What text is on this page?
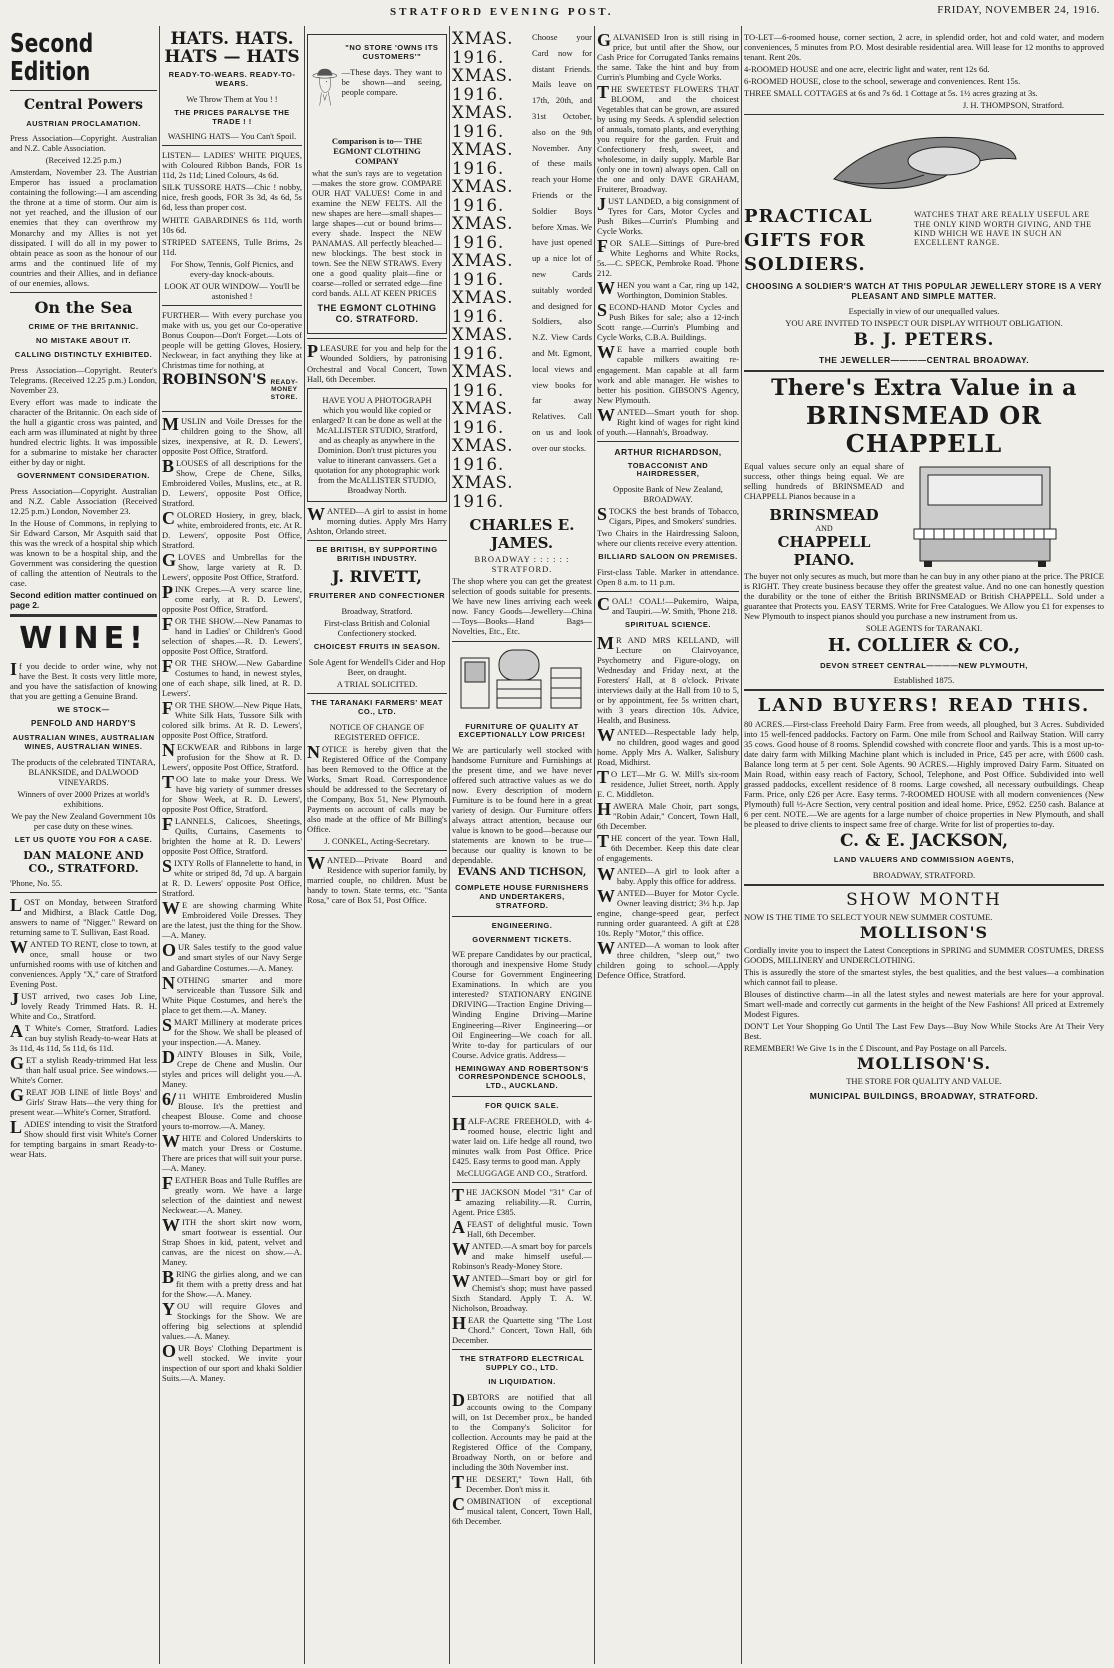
STRATFORD EVENING POST.	FRIDAY, NOVEMBER 24, 1916.
Second Edition
Central Powers
AUSTRIAN PROCLAMATION.

Press Association—Copyright. Australian and N.Z. Cable Association.

(Received 12.25 p.m.)

Amsterdam, November 23. The Austrian Emperor has issued a proclamation containing the following:—I am ascending the throne at a time of storm. Our aim is not yet reached, and the illusion of our enemies that they can overthrow my Monarchy and my Allies is not yet dissipated. I will do all in my power to obtain peace as soon as the honour of our arms and the continued life of my countries and their Allies, and in defiance of our enemies, allows.

On the Sea
CRIME OF THE BRITANNIC.
NO MISTAKE ABOUT IT.
CALLING DISTINCTLY EXHIBITED.

Press Association—Copyright. Reuter's Telegrams. (Received 12.25 p.m.) London, November 23.

Every effort was made to indicate the character of the Britannic. On each side of the hull a gigantic cross was painted, and each arm was illuminated at night by three hundred electric lights. It was impossible for a submarine to mistake her character either by day or night.

GOVERNMENT CONSIDERATION.

Press Association—Copyright. Australian and N.Z. Cable Association (Received 12.25 p.m.) London, November 23.

In the House of Commons, in replying to Sir Edward Carson, Mr Asquith said that this was the wreck of a hospital ship which was known to be a hospital ship, and the Government was considering the question of calling the attention of Neutrals to the case.

Second edition matter continued on page 2.

WINE!

If you decide to order wine, why not have the Best. It costs very little more, and you have the satisfaction of knowing that you are getting a Genuine Brand.

WE STOCK—
PENFOLD AND HARDY'S
AUSTRALIAN WINES, AUSTRALIAN WINES, AUSTRALIAN WINES.

The products of the celebrated TINTARA, BLANKSIDE, and DALWOOD VINEYARDS.

Winners of over 2000 Prizes at world's exhibitions.

We pay the New Zealand Government 10s per case duty on these wines.

LET US QUOTE YOU FOR A CASE.
DAN MALONE AND CO., STRATFORD.

'Phone, No. 55.

LOST on Monday, between Stratford and Midhirst, a Black Cattle Dog, answers to name of "Nigger." Reward on returning same to T. Sullivan, East Road.

WANTED TO RENT, close to town, at once, small house or two unfurnished rooms with use of kitchen and conveniences. Apply "X," care of Stratford Evening Post.

JUST arrived, two cases Job Line, lovely Ready Trimmed Hats. R. H. White and Co., Stratford.

AT White's Corner, Stratford. Ladies can buy stylish Ready-to-wear Hats at 3s 11d, 4s 11d, 5s 11d, 6s 11d.

GET a stylish Ready-trimmed Hat less than half usual price. See windows.—White's Corner.

GREAT JOB LINE of little Boys' and Girls' Straw Hats—the very thing for present wear.—White's Corner, Stratford.

LADIES' intending to visit the Stratford Show should first visit White's Corner for tempting bargains in smart Ready-to-wear Hats.

HATS. HATS. HATS — HATS
READY-TO-WEARS. READY-TO-WEARS.

We Throw Them at You ! !

THE PRICES PARALYSE THE TRADE ! !

WASHING HATS— You Can't Spoil.

LISTEN— LADIES' WHITE PIQUES, with Coloured Ribbon Bands, FOR 1s 11d, 2s 11d; Lined Colours, 4s 6d.

SILK TUSSORE HATS—Chic ! nobby, nice, fresh goods, FOR 3s 3d, 4s 6d, 5s 6d, less than proper cost.

WHITE GABARDINES 6s 11d, worth 10s 6d.

STRIPED SATEENS, Tulle Brims, 2s 11d.

For Show, Tennis, Golf Picnics, and every-day knock-abouts.

LOOK AT OUR WINDOW— You'll be astonished !

FURTHER— With every purchase you make with us, you get our Co-operative Bonus Coupon—Don't Forget.—Lots of people will be getting Gloves, Hosiery, Neckwear, in fact anything they like at Christmas time for nothing, at

ROBINSON'S READY-MONEY STORE.

MUSLIN and Voile Dresses for the children going to the Show, all sizes, inexpensive, at R. D. Lewers', opposite Post Office, Stratford.

BLOUSES of all descriptions for the Show, Crepe de Chene, Silks, Embroidered Voiles, Muslins, etc., at R. D. Lewers', opposite Post Office, Stratford.

COLORED Hosiery, in grey, black, white, embroidered fronts, etc. At R. D. Lewers', opposite Post Office, Stratford.

GLOVES and Umbrellas for the Show, large variety at R. D. Lewers', opposite Post Office, Stratford.

PINK Crepes.—A very scarce line, come early, at R. D. Lewers', opposite Post Office, Stratford.

FOR THE SHOW.—New Panamas to hand in Ladies' or Children's Good selection of shapes.—R. D. Lewers', opposite Post Office, Stratford.

FOR THE SHOW.—New Gabardine Costumes to hand, in newest styles, one of each shape, silk lined, at R. D. Lewers'.

FOR THE SHOW.—New Pique Hats, White Silk Hats, Tussore Silk with colored silk brims. At R. D. Lewers', opposite Post Office, Stratford.

NECKWEAR and Ribbons in large profusion for the Show at R. D. Lewers', opposite Post Office, Stratford.

TOO late to make your Dress. We have big variety of summer dresses for Show Week, at R. D. Lewers', opposite Post Office, Stratford.

FLANNELS, Calicoes, Sheetings, Quilts, Curtains, Casements to brighten the home at R. D. Lewers' opposite Post Office, Stratford.

SIXTY Rolls of Flannelette to hand, in white or striped 8d, 7d up. A bargain at R. D. Lewers' opposite Post Office, Stratford.

WE are showing charming White Embroidered Voile Dresses. They are the latest, just the thing for the Show.—A. Maney.

OUR Sales testify to the good value and smart styles of our Navy Serge and Gabardine Costumes.—A. Maney.

NOTHING smarter and more serviceable than Tussore Silk and White Pique Costumes, and here's the place to get them.—A. Maney.

SMART Millinery at moderate prices for the Show. We shall be pleased of your inspection.—A. Maney.

DAINTY Blouses in Silk, Voile, Crepe de Chene and Muslin. Our styles and prices will delight you.—A. Maney.

6/11 WHITE Embroidered Muslin Blouse. It's the prettiest and cheapest Blouse. Come and choose yours to-morrow.—A. Maney.

WHITE and Colored Underskirts to match your Dress or Costume. There are prices that will suit your purse.—A. Maney.

FEATHER Boas and Tulle Ruffles are greatly worn. We have a large selection of the daintiest and newest Neckwear.—A. Maney.

WITH the short skirt now worn, smart footwear is essential. Our Strap Shoes in kid, patent, velvet and canvas, are the nicest on show.—A. Maney.

BRING the girlies along, and we can fit them with a pretty dress and hat for the Show.—A. Maney.

YOU will require Gloves and Stockings for the Show. We are offering big selections at splendid values.—A. Maney.

OUR Boys' Clothing Department is well stocked. We invite your inspection of our sport and khaki Soldier Suits.—A. Maney.

"NO STORE 'OWNS ITS CUSTOMERS'"

—These days. They want to be shown—and seeing, people compare.

Comparison is to— THE EGMONT CLOTHING COMPANY

what the sun's rays are to vegetation—makes the store grow. COMPARE OUR HAT VALUES! Come in and examine the NEW FELTS. All the new shapes are here—small shapes—large shapes—cut or bound brims—every shade. Inspect the NEW PANAMAS. All perfectly bleached—new blockings. The best stock in town. See the NEW STRAWS. Every one a good quality plait—fine or coarse—rolled or serrated edge—fine cord bands. ALL AT KEEN PRICES

THE EGMONT CLOTHING CO. STRATFORD.

PLEASURE for you and help for the Wounded Soldiers, by patronising Orchestral and Vocal Concert, Town Hall, 6th December.

HAVE YOU A PHOTOGRAPH which you would like copied or enlarged? It can be done as well at the McALLISTER STUDIO, Stratford, and as cheaply as anywhere in the Dominion. Don't trust pictures you value to itinerant canvassers. Get a quotation for any photographic work from the McALLISTER STUDIO, Broadway North.

WANTED—A girl to assist in home morning duties. Apply Mrs Harry Ashton, Orlando street.

BE BRITISH, BY SUPPORTING BRITISH INDUSTRY.
J. RIVETT,
FRUITERER AND CONFECTIONER

Broadway, Stratford.

First-class British and Colonial Confectionery stocked.

CHOICEST FRUITS IN SEASON.

Sole Agent for Wendell's Cider and Hop Beer, on draught.

A TRIAL SOLICITED.

THE TARANAKI FARMERS' MEAT CO., LTD.

NOTICE OF CHANGE OF REGISTERED OFFICE.

NOTICE is hereby given that the Registered Office of the Company has been Removed to the Office at the Works, Smart Road. Correspondence should be addressed to the Secretary of the Company, Box 51, New Plymouth. Payments on account of calls may be also made at the office of Mr Billing's Office.

J. CONKEL, Acting-Secretary.

WANTED—Private Board and Residence with superior family, by married couple, no children. Must be handy to town. State terms, etc. "Santa Rosa," care of Box 51, Post Office.

XMAS. 1916.
XMAS. 1916.
XMAS. 1916.
XMAS. 1916.
XMAS. 1916.
XMAS. 1916.
XMAS. 1916.
XMAS. 1916.
XMAS. 1916.
XMAS. 1916.
XMAS. 1916.
XMAS. 1916.
XMAS. 1916.

Choose your Card now for distant Friends. Mails leave on 17th, 20th, and 31st October, also on the 9th November. Any of these mails reach your Home Friends or the Soldier Boys before Xmas. We have just opened up a nice lot of new Cards suitably worded and designed for Soldiers, also N.Z. View Cards and Mt. Egmont, local views and view books for far away Relatives. Call on us and look over our stocks.

CHARLES E. JAMES.

BROADWAY : : : : : : STRATFORD.

The shop where you can get the greatest selection of goods suitable for presents. We have new lines arriving each week now. Fancy Goods—Jewellery—China—Toys—Books—Hand Bags—Novelties, Etc., Etc.

FURNITURE OF QUALITY AT EXCEPTIONALLY LOW PRICES!

We are particularly well stocked with handsome Furniture and Furnishings at the present time, and we have never offered such attractive values as we do now. Every description of modern Furniture is to be found here in a great variety of design. Our Furniture offers always attract attention, because our value is known to be good—because our statements are known to be true—because our quality is known to be dependable.

EVANS AND TICHSON,
COMPLETE HOUSE FURNISHERS AND UNDERTAKERS, STRATFORD.
ENGINEERING.
GOVERNMENT TICKETS.

WE prepare Candidates by our practical, thorough and inexpensive Home Study Course for Government Engineering Examinations. In which are you interested? STATIONARY ENGINE DRIVING—Traction Engine Driving—Winding Engine Driving—Marine Engineering—River Engineering—or Oil Engineering—We coach for all. Write to-day for particulars of our Course. Advice gratis. Address—

HEMINGWAY AND ROBERTSON'S CORRESPONDENCE SCHOOLS, LTD., AUCKLAND.
FOR QUICK SALE.

HALF-ACRE FREEHOLD, with 4-roomed house, electric light and water laid on. Life hedge all round, two minutes walk from Post Office. Price £425. Easy terms to good man. Apply

McCLUGGAGE AND CO., Stratford.

THE JACKSON Model "31" Car of amazing reliability.—R. Currin, Agent. Price £385.

AFEAST of delightful music. Town Hall, 6th December.

WANTED.—A smart boy for parcels and make himself useful.—Robinson's Ready-Money Store.

WANTED—Smart boy or girl for Chemist's shop; must have passed Sixth Standard. Apply T. A. W. Nicholson, Broadway.

HEAR the Quartette sing "The Lost Chord." Concert, Town Hall, 6th December.

THE STRATFORD ELECTRICAL SUPPLY CO., LTD.
IN LIQUIDATION.

DEBTORS are notified that all accounts owing to the Company will, on 1st December prox., be handed to the Company's Solicitor for collection. Accounts may be paid at the Registered Office of the Company, Broadway North, on or before and including the 30th November inst.

THE DESERT," Town Hall, 6th December. Don't miss it.

COMBINATION of exceptional musical talent, Concert, Town Hall, 6th December.

GALVANISED Iron is still rising in price, but until after the Show, our Cash Price for Corrugated Tanks remains the same. Take the hint and buy from Currin's Plumbing and Cycle Works.

THE SWEETEST FLOWERS THAT BLOOM, and the choicest Vegetables that can be grown, are assured by using my Seeds. A splendid selection of annuals, tomato plants, and everything you require for the garden. Fruit and Confectionery fresh, sweet, and wholesome, in daily supply. Marble Bar (only one in town) always open. Call on the one and only DAVE GRAHAM, Fruiterer, Broadway.

JUST LANDED, a big consignment of Tyres for Cars, Motor Cycles and Push Bikes—Currin's Plumbing and Cycle Works.

FOR SALE—Sittings of Pure-bred White Leghorns and White Rocks, 5s.—C. SPECK, Pembroke Road. 'Phone 212.

WHEN you want a Car, ring up 142, Worthington, Dominion Stables.

SECOND-HAND Motor Cycles and Push Bikes for sale; also a 12-inch Scott range.—Currin's Plumbing and Cycle Works, C.B.A. Buildings.

WE have a married couple both capable milkers awaiting re-engagement. Man capable at all farm work and able manager. He wishes to better his position. GIBSON'S Agency, New Plymouth.

WANTED—Smart youth for shop. Right kind of wages for right kind of youth.—Hannah's, Broadway.

ARTHUR RICHARDSON,
TOBACCONIST AND HAIRDRESSER,

Opposite Bank of New Zealand, BROADWAY.

STOCKS the best brands of Tobacco, Cigars, Pipes, and Smokers' sundries.

Two Chairs in the Hairdressing Saloon, where our clients receive every attention.

BILLIARD SALOON ON PREMISES.

First-class Table. Marker in attendance. Open 8 a.m. to 11 p.m.

COAL! COAL!—Pukemiro, Waipa, and Taupiri.—W. Smith, 'Phone 218.

SPIRITUAL SCIENCE.

MR AND MRS KELLAND, will Lecture on Clairvoyance, Psychometry and Figure-ology, on Wednesday and Friday next, at the Foresters' Hall, at 8 o'clock. Private interviews daily at the Hall from 10 to 5, or by appointment, fee 5s written chart, with 3 years direction 10s. Advice, Health, and Business.

WANTED—Respectable lady help, no children, good wages and good home. Apply Mrs A. Walker, Salisbury Road, Midhirst.

TO LET—Mr G. W. Mill's six-room residence, Juliet Street, north. Apply E. C. Middleton.

HAWERA Male Choir, part songs, "Robin Adair," Concert, Town Hall, 6th December.

THE concert of the year. Town Hall, 6th December. Keep this date clear of engagements.

WANTED—A girl to look after a baby. Apply this office for address.

WANTED—Buyer for Motor Cycle. Owner leaving district; 3½ h.p. Jap engine, change-speed gear, perfect running order guaranteed. A gift at £28 10s. Reply "Motor," this office.

WANTED—A woman to look after three children, "sleep out," two children going to school.—Apply Defence Office, Stratford.

TO-LET—6-roomed house, corner section, 2 acre, in splendid order, hot and cold water, and modern conveniences, 5 minutes from P.O. Most desirable residential area. Will lease for 12 months to approved tenant. Rent 20s.

4-ROOMED HOUSE and one acre, electric light and water, rent 12s 6d.

6-ROOMED HOUSE, close to the school, sewerage and conveniences. Rent 15s.

THREE SMALL COTTAGES at 6s and 7s 6d. 1 Cottage at 5s. 1½ acres grazing at 3s.

J. H. THOMPSON, Stratford.

PRACTICAL GIFTS FOR SOLDIERS.
WATCHES THAT ARE REALLY USEFUL ARE THE ONLY KIND WORTH GIVING, AND THE KIND WHICH WE HAVE IN SUCH AN EXCELLENT RANGE.
CHOOSING A SOLDIER'S WATCH AT THIS POPULAR JEWELLERY STORE IS A VERY PLEASANT AND SIMPLE MATTER.

Especially in view of our unequalled values.

YOU ARE INVITED TO INSPECT OUR DISPLAY WITHOUT OBLIGATION.

B. J. PETERS.
THE JEWELLER————CENTRAL BROADWAY.
There's Extra Value in a
BRINSMEAD OR CHAPPELL

Equal values secure only an equal share of success, other things being equal. We are selling hundreds of BRINSMEAD and CHAPPELL Pianos because in a

BRINSMEAD
AND
CHAPPELL
PIANO.

The buyer not only secures as much, but more than he can buy in any other piano at the price. The PRICE is RIGHT. They create business because they offer the greatest value. And no one can honestly question the durability or the tone of either the British BRINSMEAD or British CHAPPELL. Sold under a guarantee that Protects you. EASY TERMS. Write for Free Catalogues. We Allow you £1 for expenses to New Plymouth to inspect pianos should you purchase a new instrument from us.

SOLE AGENTS for TARANAKI.

H. COLLIER & CO.,
DEVON STREET CENTRAL————NEW PLYMOUTH,

Established 1875.

LAND BUYERS! READ THIS.

80 ACRES.—First-class Freehold Dairy Farm. Free from weeds, all ploughed, but 3 Acres. Subdivided into 15 well-fenced paddocks. Factory on Farm. One mile from School and Railway Station. Will carry 35 cows. Good house of 8 rooms. Splendid cowshed with concrete floor and yards. This is a most up-to-date dairy farm with Milking Machine plant which is included in Price, £45 per acre, with £600 cash. Balance long term at 5 per cent. Sole Agents. 90 ACRES.—Highly improved Dairy Farm. Situated on Main Road, within easy reach of Factory, School, Telephone, and Post Office. Subdivided into well grassed paddocks, excellent residence of 8 rooms. Large cowshed, all necessary outbuildings. Cheap Farm. Price, only £26 per Acre. Easy terms. 7-ROOMED HOUSE with all modern conveniences (New Plymouth) full ½-Acre Section, very central position and ideal home. Price, £952. £250 cash. Balance at 6 per cent. NOTE.—We are agents for a large number of choice properties in New Plymouth, and shall be pleased to drive clients to inspect same free of charge. Write for list of properties to-day.

C. & E. JACKSON,
LAND VALUERS AND COMMISSION AGENTS,

BROADWAY, STRATFORD.

SHOW MONTH

NOW IS THE TIME TO SELECT YOUR NEW SUMMER COSTUME.

MOLLISON'S

Cordially invite you to inspect the Latest Conceptions in SPRING and SUMMER COSTUMES, DRESS GOODS, MILLINERY and UNDERCLOTHING.

This is assuredly the store of the smartest styles, the best qualities, and the best values—a combination which cannot fail to please.

Blouses of distinctive charm—in all the latest styles and newest materials are here for your approval. Smart well-made and correctly cut garments in the height of the New Fashions! All priced at Extremely Modest Figures.

DON'T Let Your Shopping Go Until The Last Few Days—Buy Now While Stocks Are At Their Very Best.

REMEMBER! We Give 1s in the £ Discount, and Pay Postage on all Parcels.

MOLLISON'S.

THE STORE FOR QUALITY AND VALUE.

MUNICIPAL BUILDINGS, BROADWAY, STRATFORD.
